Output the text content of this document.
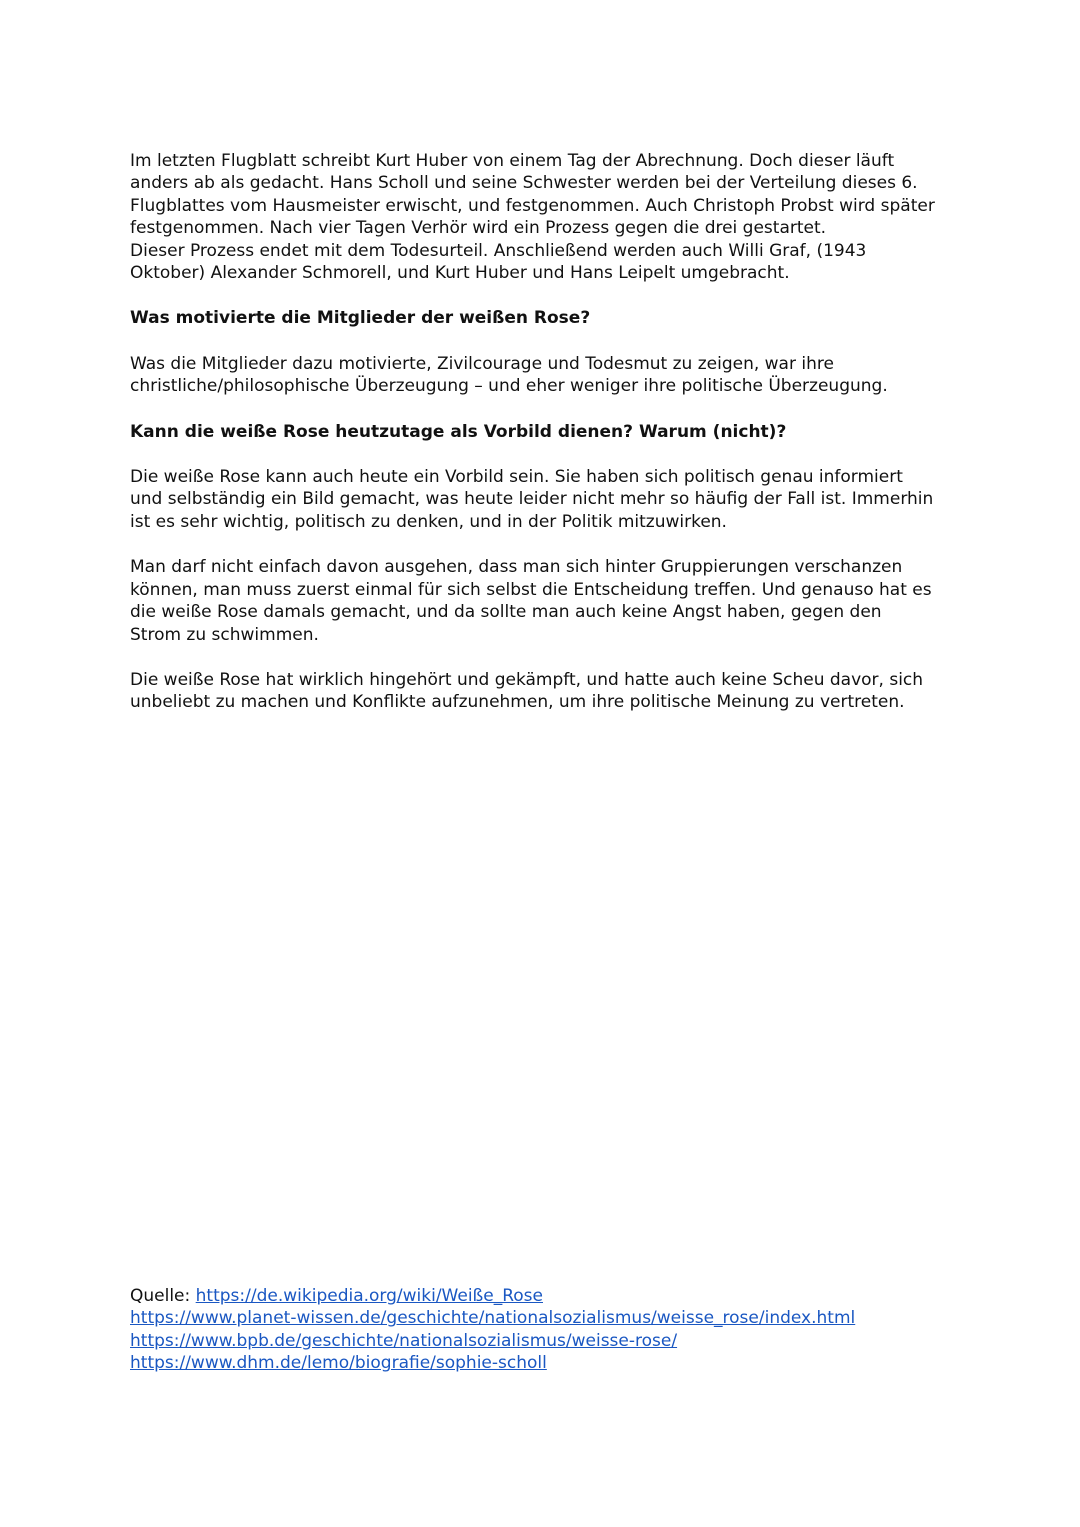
Im letzten Flugblatt schreibt Kurt Huber von einem Tag der Abrechnung. Doch dieser läuft
anders ab als gedacht. Hans Scholl und seine Schwester werden bei der Verteilung dieses 6.
Flugblattes vom Hausmeister erwischt, und festgenommen. Auch Christoph Probst wird später
festgenommen. Nach vier Tagen Verhör wird ein Prozess gegen die drei gestartet.
Dieser Prozess endet mit dem Todesurteil. Anschließend werden auch Willi Graf, (1943
Oktober) Alexander Schmorell, und Kurt Huber und Hans Leipelt umgebracht.

Was motivierte die Mitglieder der weißen Rose?

Was die Mitglieder dazu motivierte, Zivilcourage und Todesmut zu zeigen, war ihre
christliche/philosophische Überzeugung – und eher weniger ihre politische Überzeugung.

Kann die weiße Rose heutzutage als Vorbild dienen? Warum (nicht)?

Die weiße Rose kann auch heute ein Vorbild sein. Sie haben sich politisch genau informiert
und selbständig ein Bild gemacht, was heute leider nicht mehr so häufig der Fall ist. Immerhin
ist es sehr wichtig, politisch zu denken, und in der Politik mitzuwirken.

Man darf nicht einfach davon ausgehen, dass man sich hinter Gruppierungen verschanzen
können, man muss zuerst einmal für sich selbst die Entscheidung treffen. Und genauso hat es
die weiße Rose damals gemacht, und da sollte man auch keine Angst haben, gegen den
Strom zu schwimmen.

Die weiße Rose hat wirklich hingehört und gekämpft, und hatte auch keine Scheu davor, sich
unbeliebt zu machen und Konflikte aufzunehmen, um ihre politische Meinung zu vertreten.

Quelle: https://de.wikipedia.org/wiki/Weiße_Rose
https://www.planet-wissen.de/geschichte/nationalsozialismus/weisse_rose/index.html
https://www.bpb.de/geschichte/nationalsozialismus/weisse-rose/
https://www.dhm.de/lemo/biografie/sophie-scholl
